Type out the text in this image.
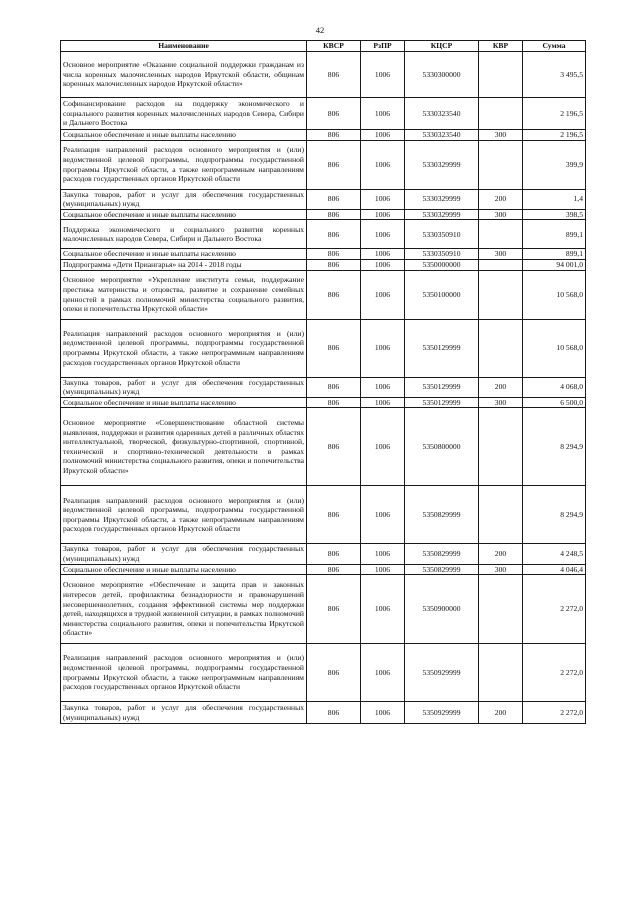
42
Наименование	КВСР	РзПР	КЦСР	КВР	Сумма
Основное мероприятие «Оказание социальной поддержки гражданам из числа коренных малочисленных народов Иркутской области, общинам коренных малочисленных народов Иркутской области»	806	1006	5330300000		3 495,5
Софинансирование расходов на поддержку экономического и социального развития коренных малочисленных народов Севера, Сибири и Дальнего Востока	806	1006	5330323540		2 196,5
Социальное обеспечение и иные выплаты населению	806	1006	5330323540	300	2 196,5
Реализация направлений расходов основного мероприятия и (или) ведомственной целевой программы, подпрограммы государственной программы Иркутской области, а также непрограммным направлениям расходов государственных органов Иркутской области	806	1006	5330329999		399,9
Закупка товаров, работ и услуг для обеспечения государственных (муниципальных) нужд	806	1006	5330329999	200	1,4
Социальное обеспечение и иные выплаты населению	806	1006	5330329999	300	398,5
Поддержка экономического и социального развития коренных малочисленных народов Севера, Сибири и Дальнего Востока	806	1006	5330350910		899,1
Социальное обеспечение и иные выплаты населению	806	1006	5330350910	300	899,1
Подпрограмма «Дети Приангарья» на 2014 - 2018 годы	806	1006	5350000000		94 001,0
Основное мероприятие «Укрепление института семьи, поддержание престижа материнства и отцовства, развитие и сохранение семейных ценностей в рамках полномочий министерства социального развития, опеки и попечительства Иркутской области»	806	1006	5350100000		10 568,0
Реализация направлений расходов основного мероприятия и (или) ведомственной целевой программы, подпрограммы государственной программы Иркутской области, а также непрограммным направлениям расходов государственных органов Иркутской области	806	1006	5350129999		10 568,0
Закупка товаров, работ и услуг для обеспечения государственных (муниципальных) нужд	806	1006	5350129999	200	4 068,0
Социальное обеспечение и иные выплаты населению	806	1006	5350129999	300	6 500,0
Основное мероприятие «Совершенствование областной системы выявления, поддержки и развития одаренных детей в различных областях интеллектуальной, творческой, физкультурно-спортивной, спортивной, технической и спортивно-технической деятельности в рамках полномочий министерства социального развития, опеки и попечительства Иркутской области»	806	1006	5350800000		8 294,9
Реализация направлений расходов основного мероприятия и (или) ведомственной целевой программы, подпрограммы государственной программы Иркутской области, а также непрограммным направлениям расходов государственных органов Иркутской области	806	1006	5350829999		8 294,9
Закупка товаров, работ и услуг для обеспечения государственных (муниципальных) нужд	806	1006	5350829999	200	4 248,5
Социальное обеспечение и иные выплаты населению	806	1006	5350829999	300	4 046,4
Основное мероприятие «Обеспечение и защита прав и законных интересов детей, профилактика безнадзорности и правонарушений несовершеннолетних, создания эффективной системы мер поддержки детей, находящихся в трудной жизненной ситуации, в рамках полномочий министерства социального развития, опеки и попечительства Иркутской области»	806	1006	5350900000		2 272,0
Реализация направлений расходов основного мероприятия и (или) ведомственной целевой программы, подпрограммы государственной программы Иркутской области, а также непрограммным направлениям расходов государственных органов Иркутской области	806	1006	5350929999		2 272,0
Закупка товаров, работ и услуг для обеспечения государственных (муниципальных) нужд	806	1006	5350929999	200	2 272,0
